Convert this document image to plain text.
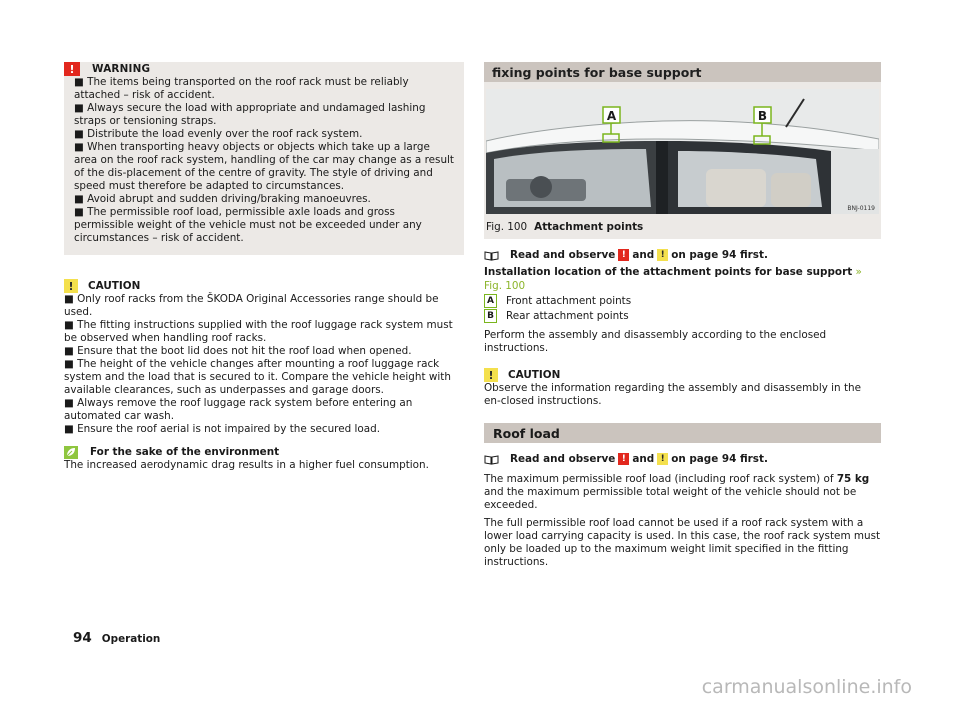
!	WARNING

■ The items being transported on the roof rack must be reliably attached – risk of accident.

■ Always secure the load with appropriate and undamaged lashing straps or tensioning straps.

■ Distribute the load evenly over the roof rack system.

■ When transporting heavy objects or objects which take up a large area on the roof rack system, handling of the car may change as a result of the dis-placement of the centre of gravity. The style of driving and speed must therefore be adapted to circumstances.

■ Avoid abrupt and sudden driving/braking manoeuvres.

■ The permissible roof load, permissible axle loads and gross permissible weight of the vehicle must not be exceeded under any circumstances – risk of accident.

!	CAUTION

■ Only roof racks from the ŠKODA Original Accessories range should be used.

■ The fitting instructions supplied with the roof luggage rack system must be observed when handling roof racks.

■ Ensure that the boot lid does not hit the roof load when opened.

■ The height of the vehicle changes after mounting a roof luggage rack system and the load that is secured to it. Compare the vehicle height with available clearances, such as underpasses and garage doors.

■ Always remove the roof luggage rack system before entering an automated car wash.

■ Ensure the roof aerial is not impaired by the secured load.

For the sake of the environment

The increased aerodynamic drag results in a higher fuel consumption.

fixing points for base support
A	B
BNJ-0119
Fig. 100 Attachment points
Read and observe ! and ! on page 94 first.
Installation location of the attachment points for base support » Fig. 100
A Front attachment points
B Rear attachment points

Perform the assembly and disassembly according to the enclosed instructions.

!	CAUTION

Observe the information regarding the assembly and disassembly in the en-closed instructions.

Roof load
Read and observe ! and ! on page 94 first.

The maximum permissible roof load (including roof rack system) of 75 kg and the maximum permissible total weight of the vehicle should not be exceeded.

The full permissible roof load cannot be used if a roof rack system with a lower load carrying capacity is used. In this case, the roof rack system must only be loaded up to the maximum weight limit specified in the fitting instructions.

94 Operation
carmanualsonline.info
